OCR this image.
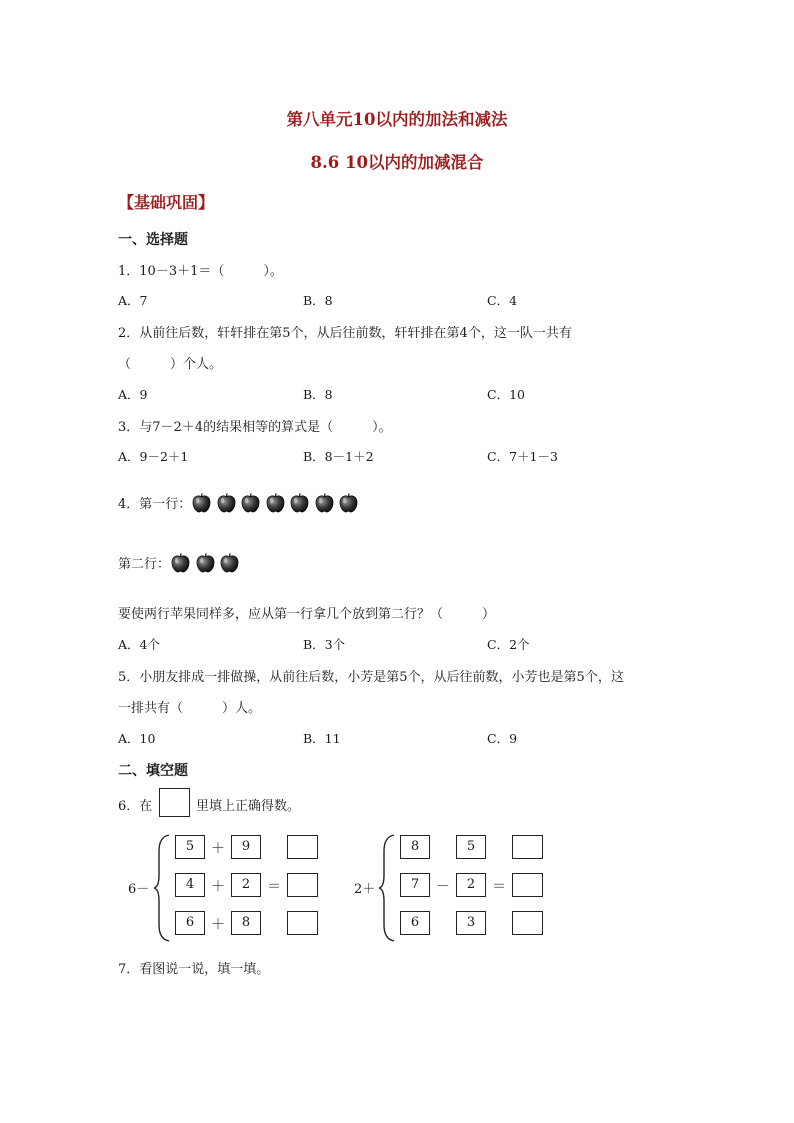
第八单元10以内的加法和减法
8.6 10以内的加减混合
【基础巩固】
一、选择题
1．10－3＋1＝（　　　）。
A．7	B．8	C．4
2．从前往后数，轩轩排在第5个，从后往前数，轩轩排在第4个，这一队一共有
（　　　）个人。
A．9	B．8	C．10
3．与7－2＋4的结果相等的算式是（　　　）。
A．9－2＋1	B．8－1＋2	C．7＋1－3
4．第一行：
第二行：
要使两行苹果同样多，应从第一行拿几个放到第二行？（　　　）
A．4个	B．3个	C．2个
5．小朋友排成一排做操，从前往后数，小芳是第5个，从后往前数，小芳也是第5个，这
一排共有（　　　）人。
A．10	B．11	C．9
二、填空题
6．在	里填上正确得数。
6－
5	＋	9
4	＋	2	＝
6	＋	8
2＋
8	5
7	－	2	＝
6	3
7．看图说一说，填一填。
